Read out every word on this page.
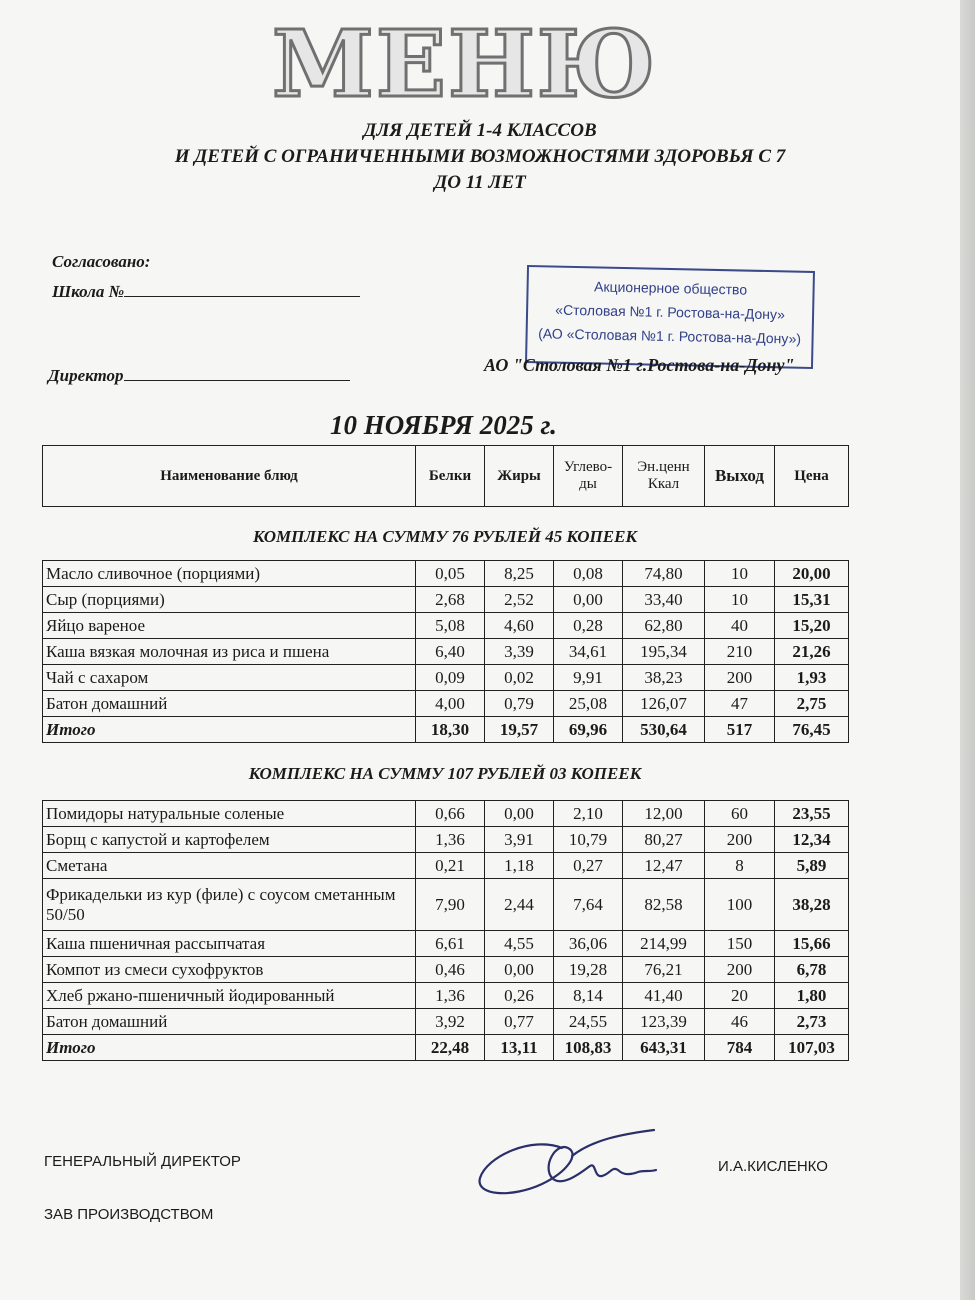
МЕНЮ
ДЛЯ ДЕТЕЙ 1-4 КЛАССОВ
И ДЕТЕЙ С ОГРАНИЧЕННЫМИ ВОЗМОЖНОСТЯМИ ЗДОРОВЬЯ С 7
ДО 11 ЛЕТ
Согласовано:
Школа №
Директор
Акционерное общество
«Столовая №1 г. Ростова-на-Дону»
(АО «Столовая №1 г. Ростова-на-Дону»)
АО "Столовая №1 г.Ростова-на-Дону"
10 НОЯБРЯ 2025 г.
Наименование блюд	Белки	Жиры	Углево-ды	Эн.ценн Ккал	Выход	Цена
КОМПЛЕКС НА СУММУ 76 РУБЛЕЙ 45 КОПЕЕК
Масло сливочное (порциями)	0,05	8,25	0,08	74,80	10	20,00
Сыр (порциями)	2,68	2,52	0,00	33,40	10	15,31
Яйцо вареное	5,08	4,60	0,28	62,80	40	15,20
Каша вязкая молочная из риса и пшена	6,40	3,39	34,61	195,34	210	21,26
Чай с сахаром	0,09	0,02	9,91	38,23	200	1,93
Батон домашний	4,00	0,79	25,08	126,07	47	2,75
Итого	18,30	19,57	69,96	530,64	517	76,45
КОМПЛЕКС НА СУММУ 107 РУБЛЕЙ 03 КОПЕЕК
Помидоры натуральные соленые	0,66	0,00	2,10	12,00	60	23,55
Борщ с капустой и картофелем	1,36	3,91	10,79	80,27	200	12,34
Сметана	0,21	1,18	0,27	12,47	8	5,89
Фрикадельки из кур (филе) с соусом сметанным 50/50	7,90	2,44	7,64	82,58	100	38,28
Каша пшеничная рассыпчатая	6,61	4,55	36,06	214,99	150	15,66
Компот из смеси сухофруктов	0,46	0,00	19,28	76,21	200	6,78
Хлеб ржано-пшеничный йодированный	1,36	0,26	8,14	41,40	20	1,80
Батон домашний	3,92	0,77	24,55	123,39	46	2,73
Итого	22,48	13,11	108,83	643,31	784	107,03
ГЕНЕРАЛЬНЫЙ ДИРЕКТОР	И.А.КИСЛЕНКО
ЗАВ ПРОИЗВОДСТВОМ
